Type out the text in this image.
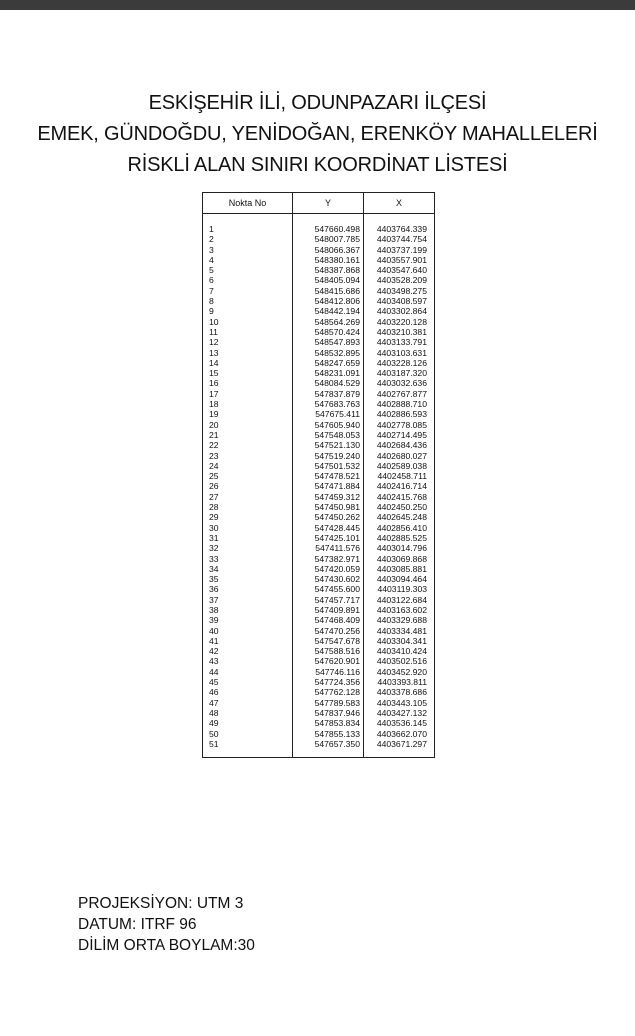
ESKİŞEHİR İLİ, ODUNPAZARI İLÇESİ
EMEK, GÜNDOĞDU, YENİDOĞAN, ERENKÖY MAHALLELERİ
RİSKLİ ALAN SINIRI KOORDİNAT LİSTESİ
Nokta No	Y	X
1	547660.498	4403764.339
2	548007.785	4403744.754
3	548066.367	4403737.199
4	548380.161	4403557.901
5	548387.868	4403547.640
6	548405.094	4403528.209
7	548415.686	4403498.275
8	548412.806	4403408.597
9	548442.194	4403302.864
10	548564.269	4403220.128
11	548570.424	4403210.381
12	548547.893	4403133.791
13	548532.895	4403103.631
14	548247.659	4403228.126
15	548231.091	4403187.320
16	548084.529	4403032.636
17	547837.879	4402767.877
18	547683.763	4402888.710
19	547675.411	4402886.593
20	547605.940	4402778.085
21	547548.053	4402714.495
22	547521.130	4402684.436
23	547519.240	4402680.027
24	547501.532	4402589.038
25	547478.521	4402458.711
26	547471.884	4402416.714
27	547459.312	4402415.768
28	547450.981	4402450.250
29	547450.262	4402645.248
30	547428.445	4402856.410
31	547425.101	4402885.525
32	547411.576	4403014.796
33	547382.971	4403069.868
34	547420.059	4403085.881
35	547430.602	4403094.464
36	547455.600	4403119.303
37	547457.717	4403122.684
38	547409.891	4403163.602
39	547468.409	4403329.688
40	547470.256	4403334.481
41	547547.678	4403304.341
42	547588.516	4403410.424
43	547620.901	4403502.516
44	547746.116	4403452.920
45	547724.356	4403393.811
46	547762.128	4403378.686
47	547789.583	4403443.105
48	547837.946	4403427.132
49	547853.834	4403536.145
50	547855.133	4403662.070
51	547657.350	4403671.297
PROJEKSİYON: UTM 3
DATUM: ITRF 96
DİLİM ORTA BOYLAM:30
